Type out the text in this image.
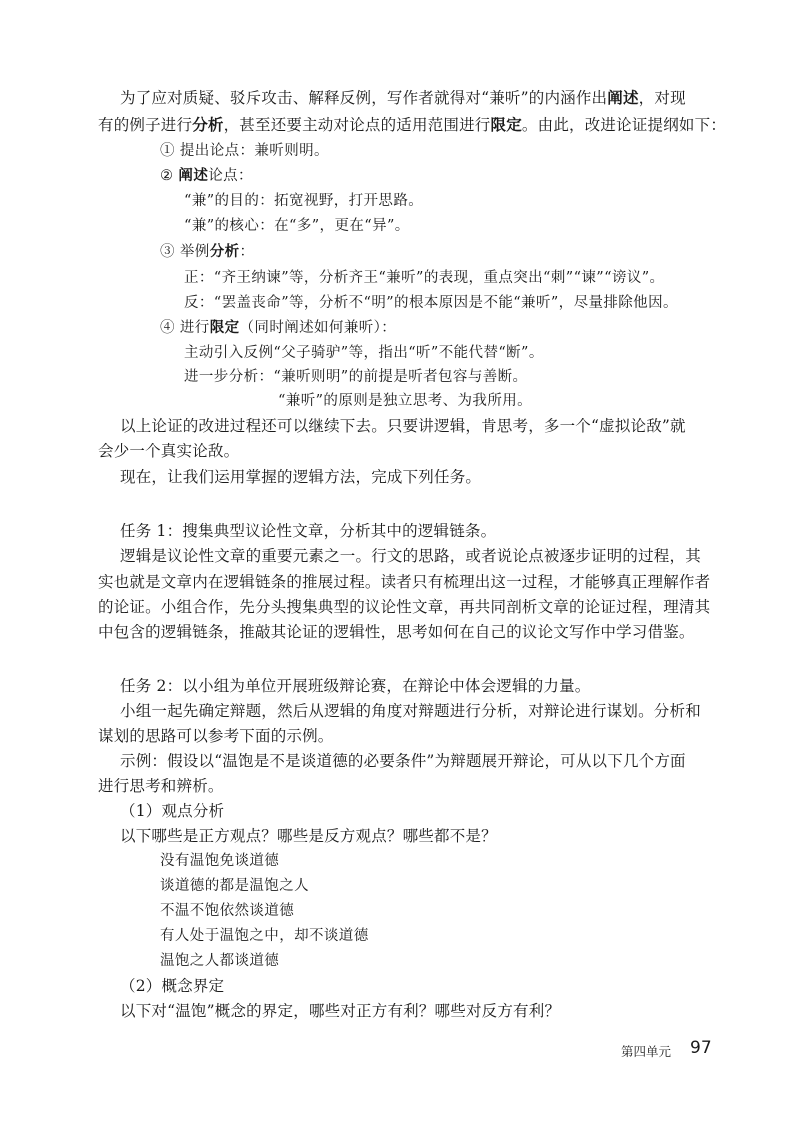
为了应对质疑、驳斥攻击、解释反例，写作者就得对“兼听”的内涵作出阐述，对现
有的例子进行分析，甚至还要主动对论点的适用范围进行限定。由此，改进论证提纲如下：
① 提出论点：兼听则明。
② 阐述论点：
“兼”的目的：拓宽视野，打开思路。
“兼”的核心：在“多”，更在“异”。
③ 举例分析：
正：“齐王纳谏”等，分析齐王“兼听”的表现，重点突出“刺”“谏”“谤议”。
反：“罢盖丧命”等，分析不“明”的根本原因是不能“兼听”，尽量排除他因。
④ 进行限定（同时阐述如何兼听）：
主动引入反例“父子骑驴”等，指出“听”不能代替“断”。
进一步分析：“兼听则明”的前提是听者包容与善断。
“兼听”的原则是独立思考、为我所用。
以上论证的改进过程还可以继续下去。只要讲逻辑，肯思考，多一个“虚拟论敌”就
会少一个真实论敌。
现在，让我们运用掌握的逻辑方法，完成下列任务。
任务 1：搜集典型议论性文章，分析其中的逻辑链条。
逻辑是议论性文章的重要元素之一。行文的思路，或者说论点被逐步证明的过程，其
实也就是文章内在逻辑链条的推展过程。读者只有梳理出这一过程，才能够真正理解作者
的论证。小组合作，先分头搜集典型的议论性文章，再共同剖析文章的论证过程，理清其
中包含的逻辑链条，推敲其论证的逻辑性，思考如何在自己的议论文写作中学习借鉴。
任务 2：以小组为单位开展班级辩论赛，在辩论中体会逻辑的力量。
小组一起先确定辩题，然后从逻辑的角度对辩题进行分析，对辩论进行谋划。分析和
谋划的思路可以参考下面的示例。
示例：假设以“温饱是不是谈道德的必要条件”为辩题展开辩论，可从以下几个方面
进行思考和辨析。
（1）观点分析
以下哪些是正方观点？哪些是反方观点？哪些都不是？
没有温饱免谈道德
谈道德的都是温饱之人
不温不饱依然谈道德
有人处于温饱之中，却不谈道德
温饱之人都谈道德
（2）概念界定
以下对“温饱”概念的界定，哪些对正方有利？哪些对反方有利？
第四单元 97
